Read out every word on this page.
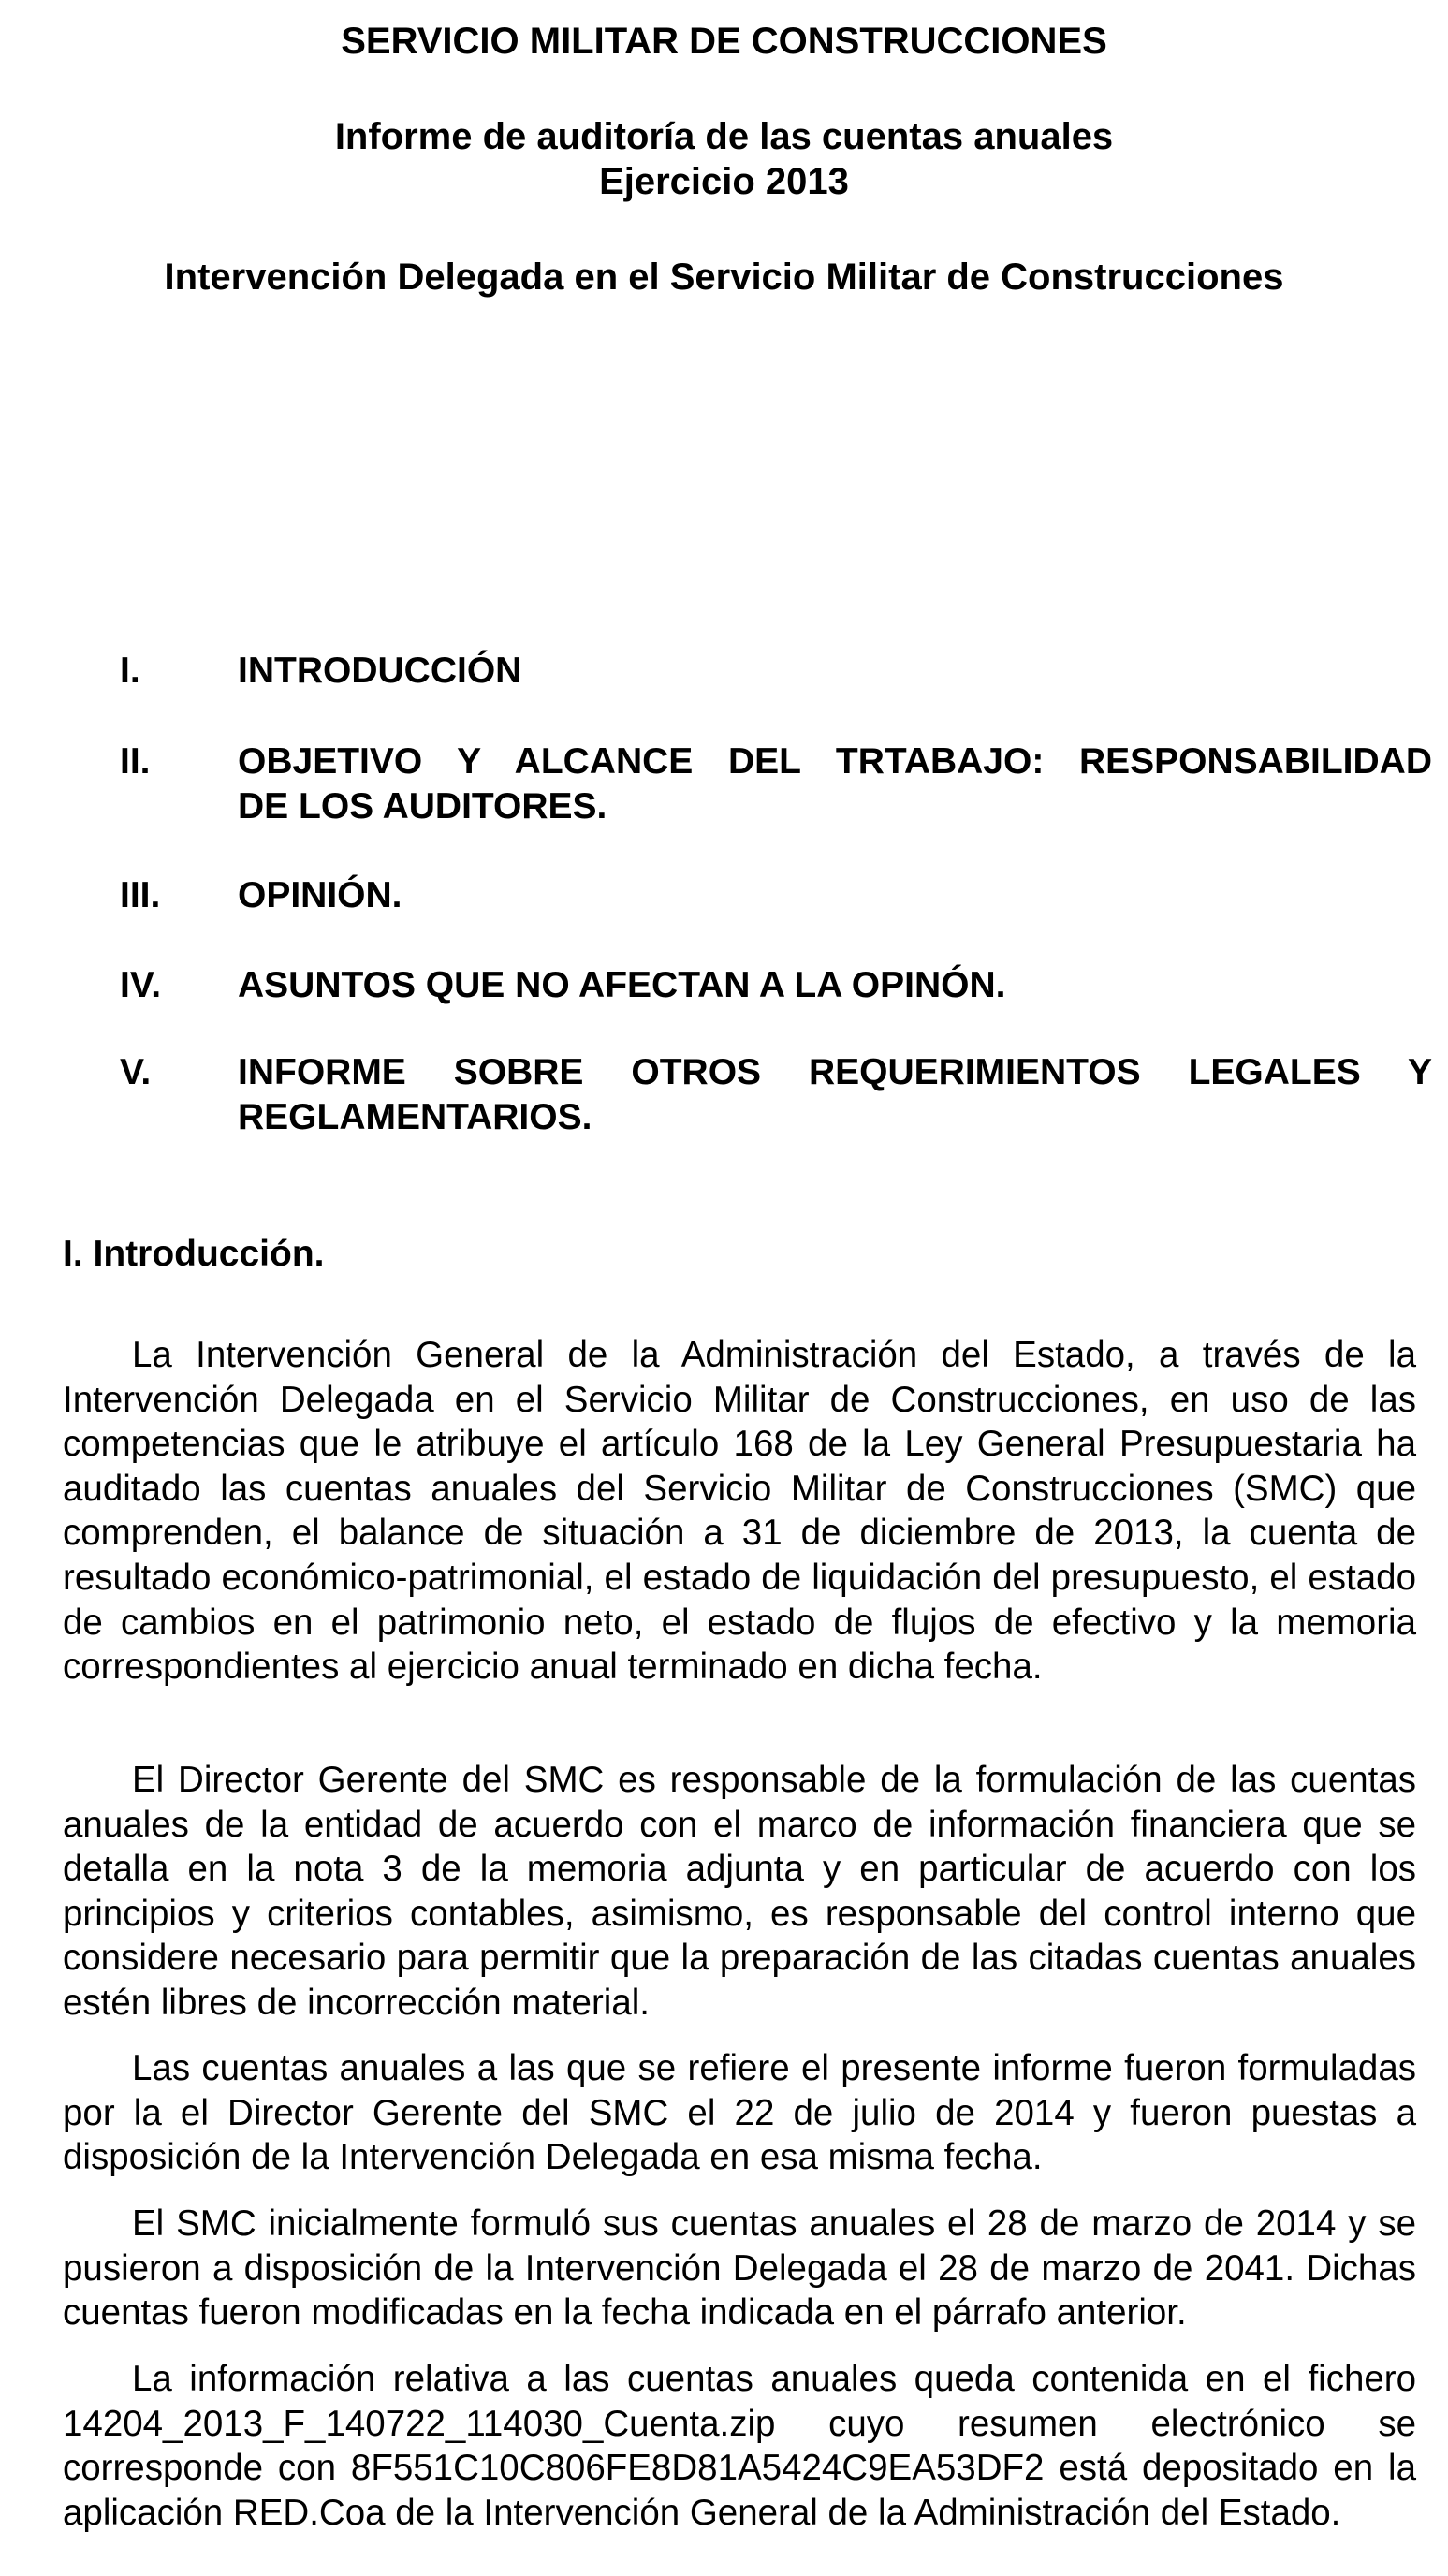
SERVICIO MILITAR DE CONSTRUCCIONES
Informe de auditoría de las cuentas anuales
Ejercicio 2013
Intervención Delegada en el Servicio Militar de Construcciones
I.	INTRODUCCIÓN
II.	OBJETIVO Y ALCANCE DEL TRTABAJO: RESPONSABILIDAD
DE LOS AUDITORES.
III.	OPINIÓN.
IV.	ASUNTOS QUE NO AFECTAN A LA OPINÓN.
V.	INFORME SOBRE OTROS REQUERIMIENTOS LEGALES Y
REGLAMENTARIOS.
I. Introducción.

La Intervención General de la Administración del Estado, a través de la Intervención Delegada en el Servicio Militar de Construcciones, en uso de las competencias que le atribuye el artículo 168 de la Ley General Presupuestaria ha auditado las cuentas anuales del Servicio Militar de Construcciones (SMC) que comprenden, el balance de situación a 31 de diciembre de 2013, la cuenta de resultado económico-patrimonial, el estado de liquidación del presupuesto, el estado de cambios en el patrimonio neto, el estado de flujos de efectivo y la memoria correspondientes al ejercicio anual terminado en dicha fecha.

El Director Gerente del SMC es responsable de la formulación de las cuentas anuales de la entidad de acuerdo con el marco de información financiera que se detalla en la nota 3 de la memoria adjunta y en particular de acuerdo con los principios y criterios contables, asimismo, es responsable del control interno que considere necesario para permitir que la preparación de las citadas cuentas anuales estén libres de incorrección material.

Las cuentas anuales a las que se refiere el presente informe fueron formuladas por la el Director Gerente del SMC el 22 de julio de 2014 y fueron puestas a disposición de la Intervención Delegada en esa misma fecha.

El SMC inicialmente formuló sus cuentas anuales el 28 de marzo de 2014 y se pusieron a disposición de la Intervención Delegada el 28 de marzo de 2041. Dichas cuentas fueron modificadas en la fecha indicada en el párrafo anterior.

La información relativa a las cuentas anuales queda contenida en el fichero 14204_2013_F_140722_114030_Cuenta.zip cuyo resumen electrónico se corresponde con 8F551C10C806FE8D81A5424C9EA53DF2 está depositado en la aplicación RED.Coa de la Intervención General de la Administración del Estado.
